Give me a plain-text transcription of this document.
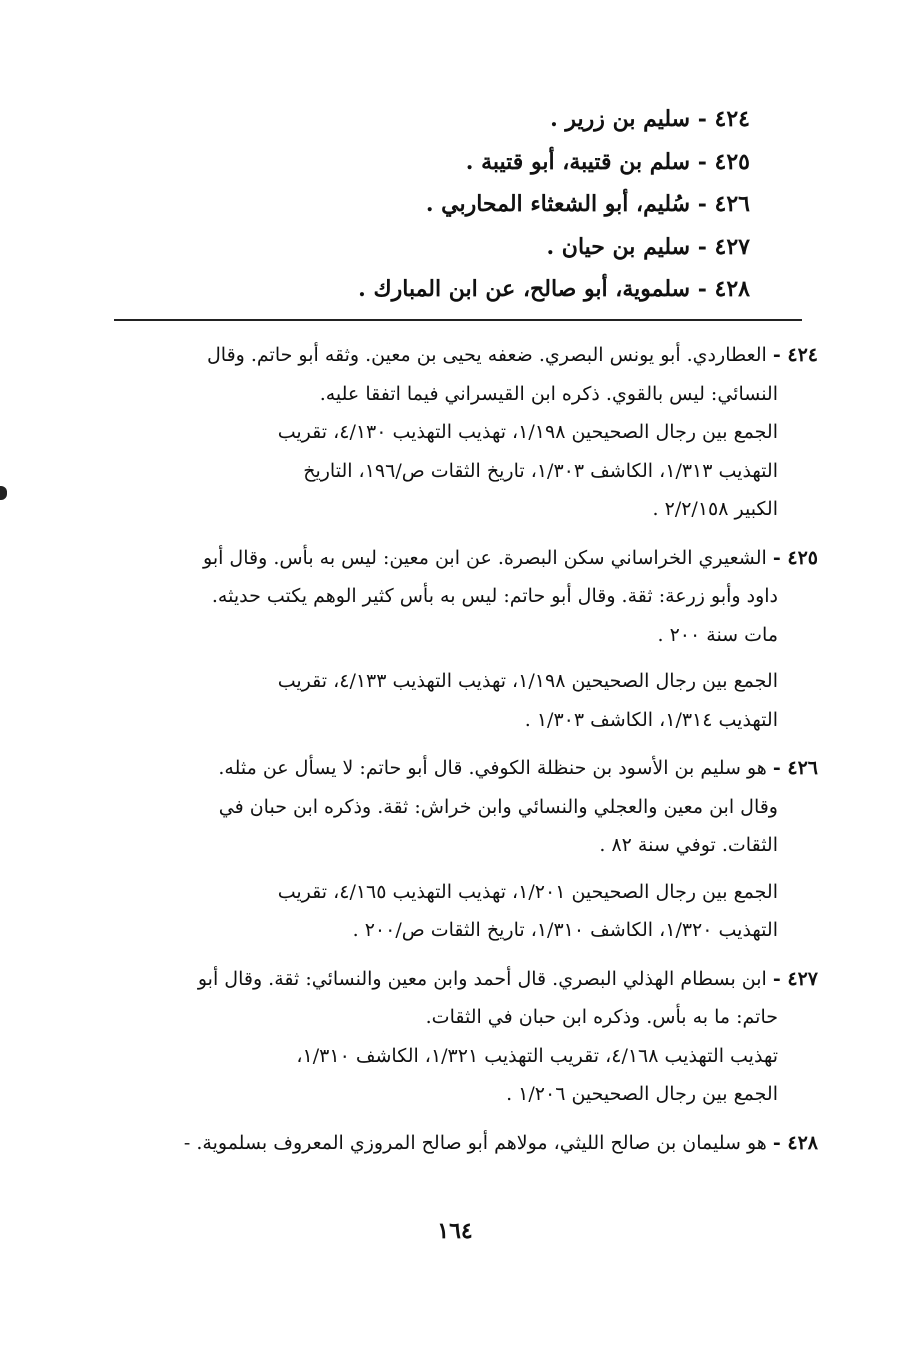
٤٢٤ - سليم بن زرير .
٤٢٥ - سلم بن قتيبة، أبو قتيبة .
٤٢٦ - سُليم، أبو الشعثاء المحاربي .
٤٢٧ - سليم بن حيان .
٤٢٨ - سلموية، أبو صالح، عن ابن المبارك .

٤٢٤ - العطاردي. أبو يونس البصري. ضعفه يحيى بن معين. وثقه أبو حاتم. وقال

النسائي: ليس بالقوي. ذكره ابن القيسراني فيما اتفقا عليه.

الجمع بين رجال الصحيحين ١/١٩٨، تهذيب التهذيب ٤/١٣٠، تقريب

التهذيب ١/٣١٣، الكاشف ١/٣٠٣، تاريخ الثقات ص/١٩٦، التاريخ

الكبير ٢/٢/١٥٨ .

٤٢٥ - الشعيري الخراساني سكن البصرة. عن ابن معين: ليس به بأس. وقال أبو

داود وأبو زرعة: ثقة. وقال أبو حاتم: ليس به بأس كثير الوهم يكتب حديثه.

مات سنة ٢٠٠ .

الجمع بين رجال الصحيحين ١/١٩٨، تهذيب التهذيب ٤/١٣٣، تقريب

التهذيب ١/٣١٤، الكاشف ١/٣٠٣ .

٤٢٦ - هو سليم بن الأسود بن حنظلة الكوفي. قال أبو حاتم: لا يسأل عن مثله.

وقال ابن معين والعجلي والنسائي وابن خراش: ثقة. وذكره ابن حبان في

الثقات. توفي سنة ٨٢ .

الجمع بين رجال الصحيحين ١/٢٠١، تهذيب التهذيب ٤/١٦٥، تقريب

التهذيب ١/٣٢٠، الكاشف ١/٣١٠، تاريخ الثقات ص/٢٠٠ .

٤٢٧ - ابن بسطام الهذلي البصري. قال أحمد وابن معين والنسائي: ثقة. وقال أبو

حاتم: ما به بأس. وذكره ابن حبان في الثقات.

تهذيب التهذيب ٤/١٦٨، تقريب التهذيب ١/٣٢١، الكاشف ١/٣١٠،

الجمع بين رجال الصحيحين ١/٢٠٦ .

٤٢٨ - هو سليمان بن صالح الليثي، مولاهم أبو صالح المروزي المعروف بسلموية. -

١٦٤
